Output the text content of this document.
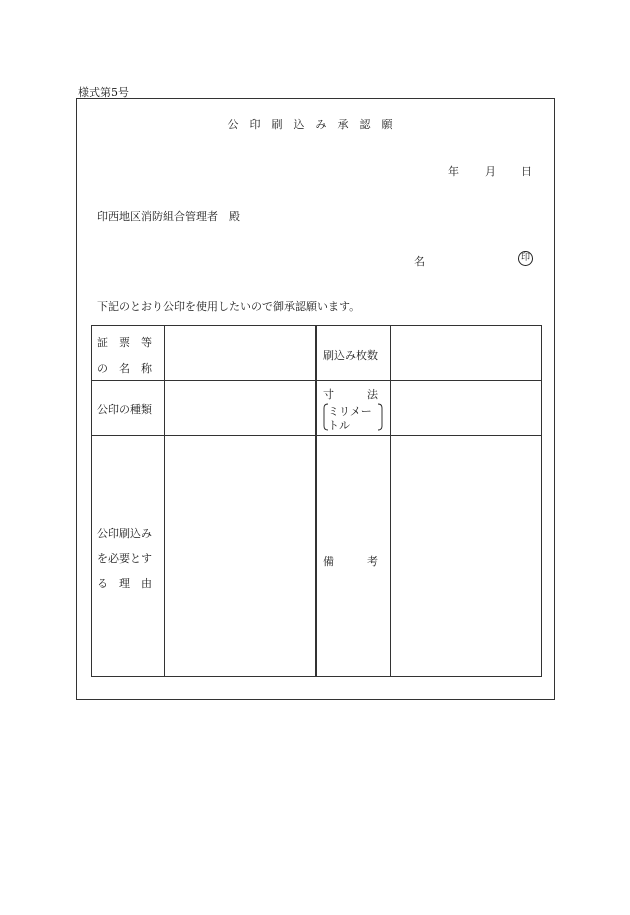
様式第5号
公印刷込み承認願
年 月 日
印西地区消防組合管理者　殿
名	印
下記のとおり公印を使用したいので御承認願います。
証　票　等
の　名　称
刷込み枚数
公印の種類
寸　　　法
ミリメー
トル
公印刷込み
を必要とす
る　理　由
備　　　考
